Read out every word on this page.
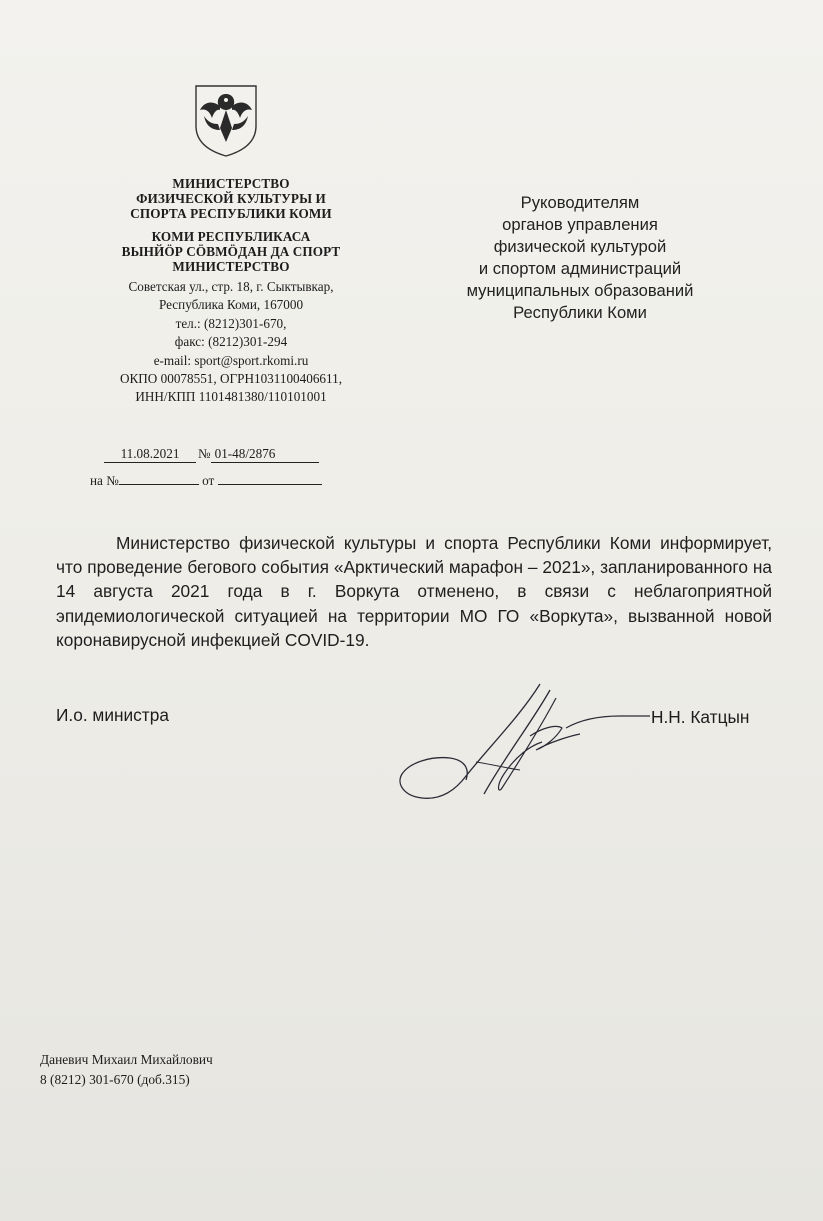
МИНИСТЕРСТВО
ФИЗИЧЕСКОЙ КУЛЬТУРЫ И
СПОРТА РЕСПУБЛИКИ КОМИ
КОМИ РЕСПУБЛИКАСА
ВЫНЙӦР СӦВМӦДАН ДА СПОРТ
МИНИСТЕРСТВО
Советская ул., стр. 18, г. Сыктывкар,
Республика Коми, 167000
тел.: (8212)301-670,
факс: (8212)301-294
e-mail: sport@sport.rkomi.ru
ОКПО 00078551, ОГРН1031100406611,
ИНН/КПП 1101481380/110101001
11.08.2021 № 01-48/2876
на №	от
Руководителям
органов управления
физической культурой
и спортом администраций
муниципальных образований
Республики Коми
Министерство физической культуры и спорта Республики Коми информирует, что проведение бегового события «Арктический марафон – 2021», запланированного на 14 августа 2021 года в г. Воркута отменено, в связи с неблагоприятной эпидемиологической ситуацией на территории МО ГО «Воркута», вызванной новой коронавирусной инфекцией COVID-19.
И.о. министра	Н.Н. Катцын
Даневич Михаил Михайлович
8 (8212) 301-670 (доб.315)
